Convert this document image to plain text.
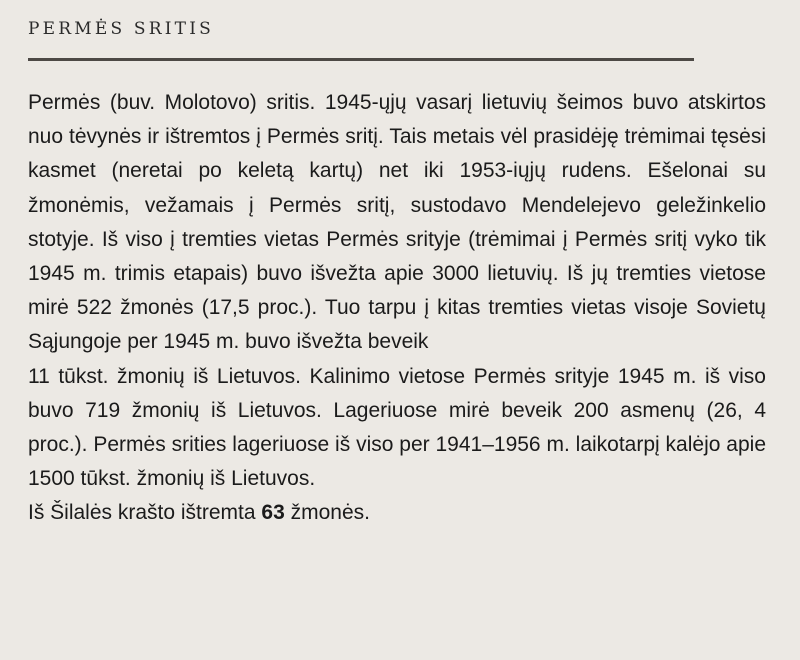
PERMĖS SRITIS

Permės (buv. Molotovo) sritis. 1945-ųjų vasarį lietuvių šeimos buvo atskirtos nuo tėvynės ir ištremtos į Permės sritį. Tais metais vėl prasidėję trėmimai tęsėsi kasmet (neretai po keletą kartų) net iki 1953-iųjų rudens. Ešelonai su žmonėmis, vežamais į Permės sritį, sustodavo Mendelejevo geležinkelio stotyje. Iš viso į tremties vietas Permės srityje (trėmimai į Permės sritį vyko tik 1945 m. trimis etapais) buvo išvežta apie 3000 lietuvių. Iš jų tremties vietose mirė 522 žmonės (17,5 proc.). Tuo tarpu į kitas tremties vietas visoje Sovietų Sąjungoje per 1945 m. buvo išvežta beveik

11 tūkst. žmonių iš Lietuvos. Kalinimo vietose Permės srityje 1945 m. iš viso buvo 719 žmonių iš Lietuvos. Lageriuose mirė beveik 200 asmenų (26, 4 proc.). Permės srities lageriuose iš viso per 1941–1956 m. laikotarpį kalėjo apie 1500 tūkst. žmonių iš Lietuvos.

Iš Šilalės krašto ištremta 63 žmonės.
